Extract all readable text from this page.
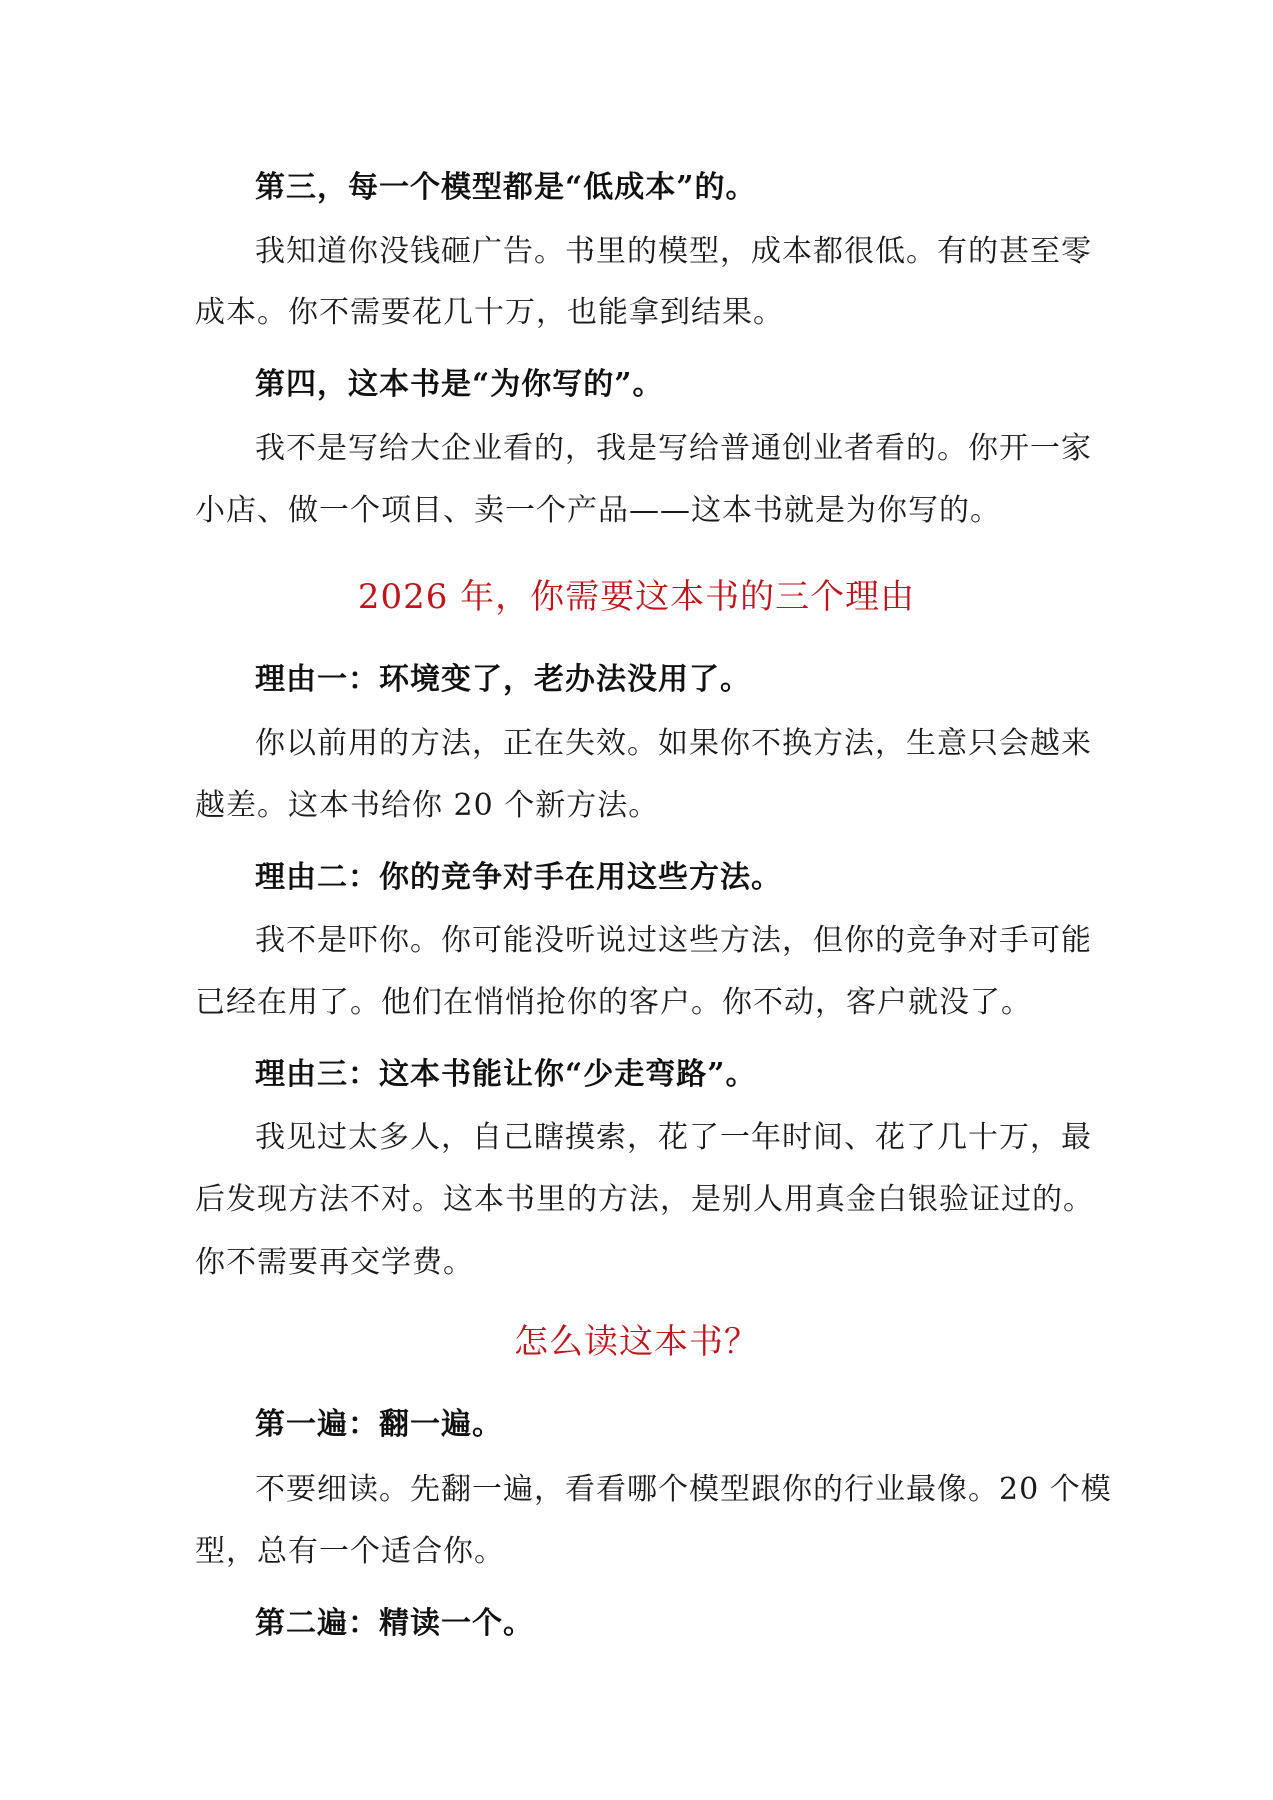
第三，每一个模型都是“低成本”的。
我知道你没钱砸广告。书里的模型，成本都很低。有的甚至零
成本。你不需要花几十万，也能拿到结果。
第四，这本书是“为你写的”。
我不是写给大企业看的，我是写给普通创业者看的。你开一家
小店、做一个项目、卖一个产品——这本书就是为你写的。
2026 年，你需要这本书的三个理由
理由一：环境变了，老办法没用了。
你以前用的方法，正在失效。如果你不换方法，生意只会越来
越差。这本书给你 20 个新方法。
理由二：你的竞争对手在用这些方法。
我不是吓你。你可能没听说过这些方法，但你的竞争对手可能
已经在用了。他们在悄悄抢你的客户。你不动，客户就没了。
理由三：这本书能让你“少走弯路”。
我见过太多人，自己瞎摸索，花了一年时间、花了几十万，最
后发现方法不对。这本书里的方法，是别人用真金白银验证过的。
你不需要再交学费。
怎么读这本书？
第一遍：翻一遍。
不要细读。先翻一遍，看看哪个模型跟你的行业最像。20 个模
型，总有一个适合你。
第二遍：精读一个。
